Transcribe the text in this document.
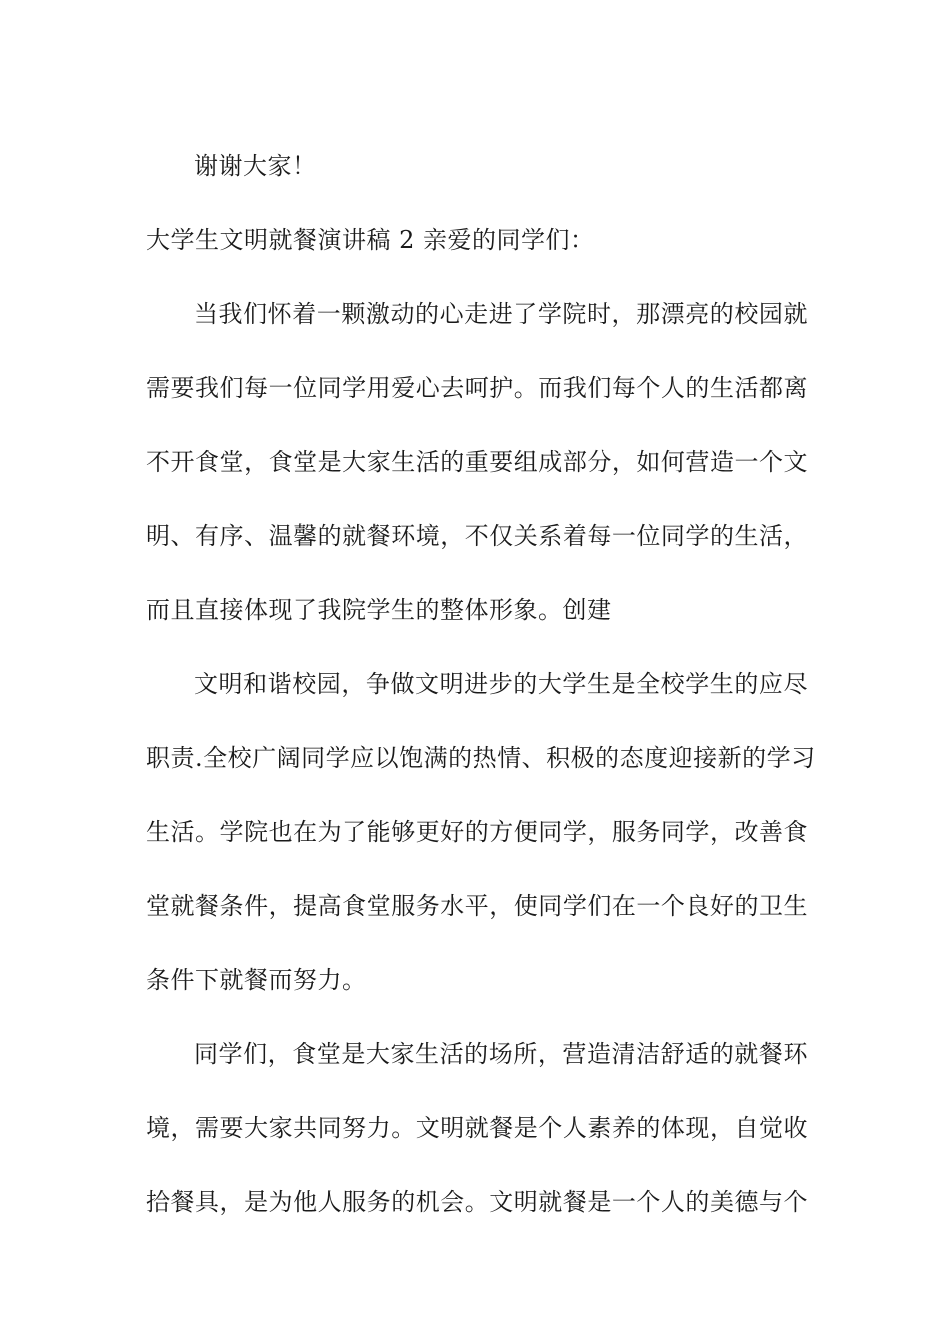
谢谢大家！
大学生文明就餐演讲稿 2 亲爱的同学们：
当我们怀着一颗激动的心走进了学院时，那漂亮的校园就
需要我们每一位同学用爱心去呵护。而我们每个人的生活都离
不开食堂，食堂是大家生活的重要组成部分，如何营造一个文
明、有序、温馨的就餐环境，不仅关系着每一位同学的生活，
而且直接体现了我院学生的整体形象。创建
文明和谐校园，争做文明进步的大学生是全校学生的应尽
职责.全校广阔同学应以饱满的热情、积极的态度迎接新的学习
生活。学院也在为了能够更好的方便同学，服务同学，改善食
堂就餐条件，提高食堂服务水平，使同学们在一个良好的卫生
条件下就餐而努力。
同学们，食堂是大家生活的场所，营造清洁舒适的就餐环
境，需要大家共同努力。文明就餐是个人素养的体现，自觉收
拾餐具，是为他人服务的机会。文明就餐是一个人的美德与个
